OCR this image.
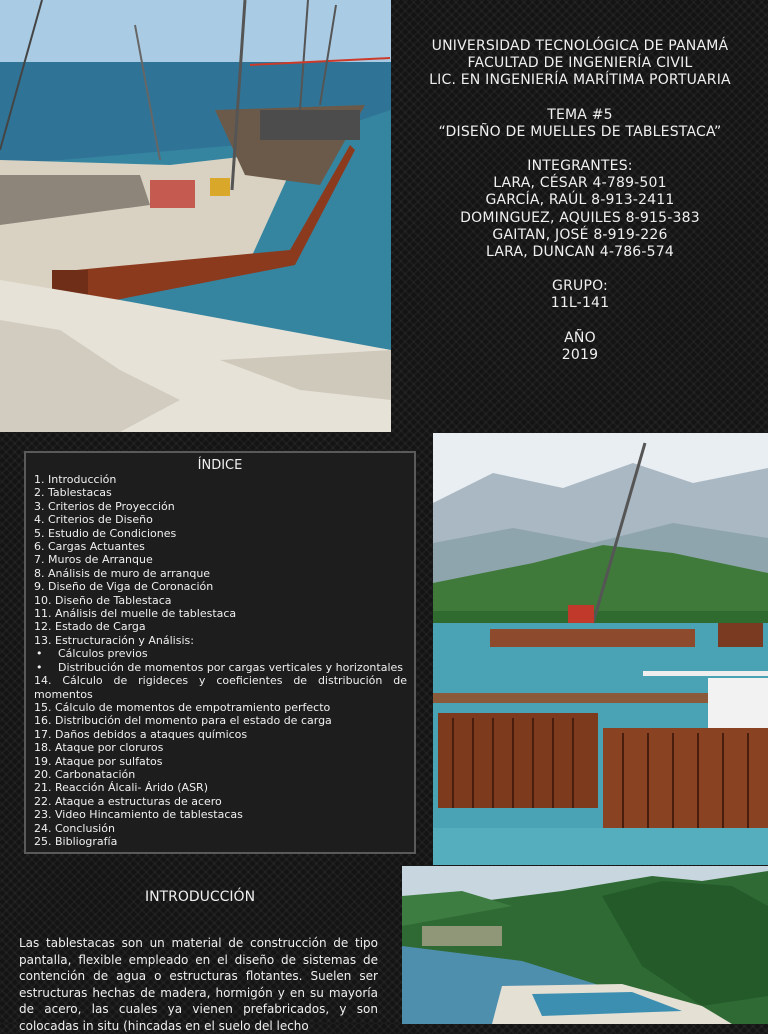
UNIVERSIDAD TECNOLÓGICA DE PANAMÁ
FACULTAD DE INGENIERÍA CIVIL
LIC. EN INGENIERÍA MARÍTIMA PORTUARIA
TEMA #5
“DISEÑO DE MUELLES DE TABLESTACA”
INTEGRANTES:
LARA, CÉSAR 4-789-501
GARCÍA, RAÚL 8-913-2411
DOMINGUEZ, AQUILES 8-915-383
GAITAN, JOSÉ 8-919-226
LARA, DUNCAN 4-786-574
GRUPO:
11L-141
AÑO
2019
ÍNDICE
1. Introducción
2. Tablestacas
3. Criterios de Proyección
4. Criterios de Diseño
5. Estudio de Condiciones
6. Cargas Actuantes
7. Muros de Arranque
8. Análisis de muro de arranque
9. Diseño de Viga de Coronación
10. Diseño de Tablestaca
11. Análisis del muelle de tablestaca
12. Estado de Carga
13. Estructuración y Análisis:
• Cálculos previos
• Distribución de momentos por cargas verticales y horizontales
14. Cálculo de rigideces y coeficientes de distribución de momentos
15. Cálculo de momentos de empotramiento perfecto
16. Distribución del momento para el estado de carga
17. Daños debidos a ataques químicos
18. Ataque por cloruros
19. Ataque por sulfatos
20. Carbonatación
21. Reacción Álcali- Árido (ASR)
22. Ataque a estructuras de acero
23. Video Hincamiento de tablestacas
24. Conclusión
25. Bibliografía
INTRODUCCIÓN
Las tablestacas son un material de construcción de tipo pantalla, flexible empleado en el diseño de sistemas de contención de agua o estructuras flotantes. Suelen ser estructuras hechas de madera, hormigón y en su mayoría de acero, las cuales ya vienen prefabricados, y son colocadas in situ (hincadas en el suelo del lecho
